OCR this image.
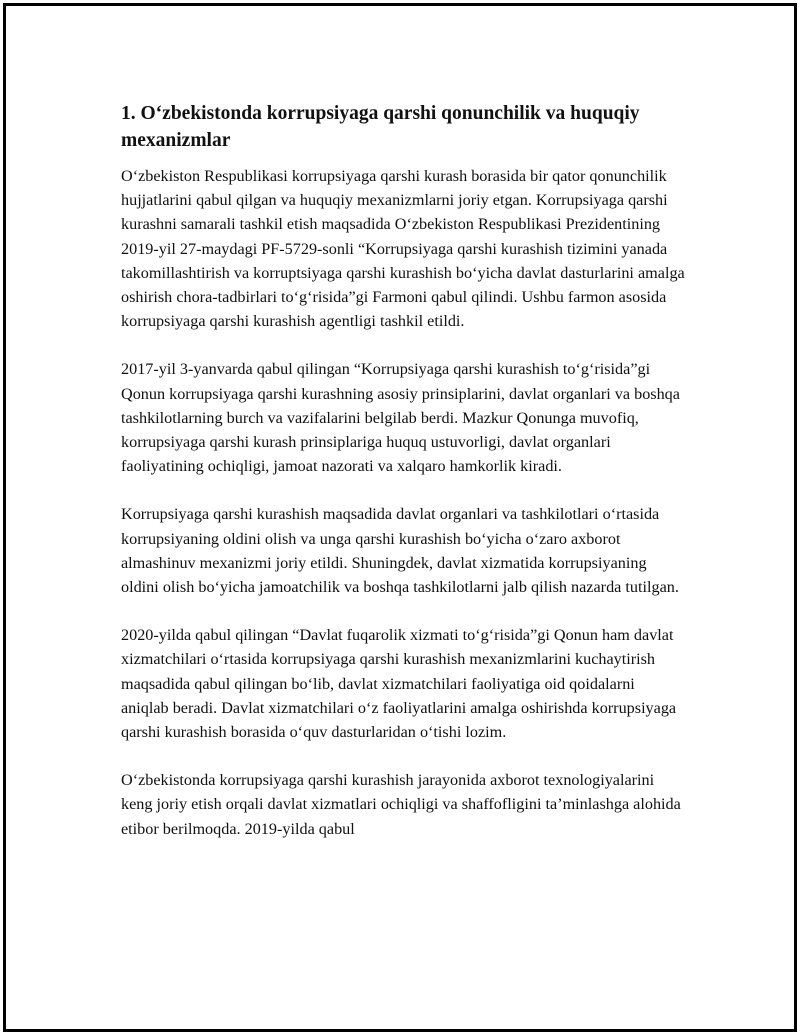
1. O‘zbekistonda korrupsiyaga qarshi qonunchilik va huquqiy mexanizmlar

O‘zbekiston Respublikasi korrupsiyaga qarshi kurash borasida bir qator qonunchilik hujjatlarini qabul qilgan va huquqiy mexanizmlarni joriy etgan. Korrupsiyaga qarshi kurashni samarali tashkil etish maqsadida O‘zbekiston Respublikasi Prezidentining 2019-yil 27-maydagi PF-5729-sonli “Korrupsiyaga qarshi kurashish tizimini yanada takomillashtirish va korruptsiyaga qarshi kurashish bo‘yicha davlat dasturlarini amalga oshirish chora-tadbirlari to‘g‘risida”gi Farmoni qabul qilindi. Ushbu farmon asosida korrupsiyaga qarshi kurashish agentligi tashkil etildi.

2017-yil 3-yanvarda qabul qilingan “Korrupsiyaga qarshi kurashish to‘g‘risida”gi Qonun korrupsiyaga qarshi kurashning asosiy prinsiplarini, davlat organlari va boshqa tashkilotlarning burch va vazifalarini belgilab berdi. Mazkur Qonunga muvofiq, korrupsiyaga qarshi kurash prinsiplariga huquq ustuvorligi, davlat organlari faoliyatining ochiqligi, jamoat nazorati va xalqaro hamkorlik kiradi.

Korrupsiyaga qarshi kurashish maqsadida davlat organlari va tashkilotlari o‘rtasida korrupsiyaning oldini olish va unga qarshi kurashish bo‘yicha o‘zaro axborot almashinuv mexanizmi joriy etildi. Shuningdek, davlat xizmatida korrupsiyaning oldini olish bo‘yicha jamoatchilik va boshqa tashkilotlarni jalb qilish nazarda tutilgan.

2020-yilda qabul qilingan “Davlat fuqarolik xizmati to‘g‘risida”gi Qonun ham davlat xizmatchilari o‘rtasida korrupsiyaga qarshi kurashish mexanizmlarini kuchaytirish maqsadida qabul qilingan bo‘lib, davlat xizmatchilari faoliyatiga oid qoidalarni aniqlab beradi. Davlat xizmatchilari o‘z faoliyatlarini amalga oshirishda korrupsiyaga qarshi kurashish borasida o‘quv dasturlaridan o‘tishi lozim.

O‘zbekistonda korrupsiyaga qarshi kurashish jarayonida axborot texnologiyalarini keng joriy etish orqali davlat xizmatlari ochiqligi va shaffofligini ta’minlashga alohida etibor berilmoqda. 2019-yilda qabul
